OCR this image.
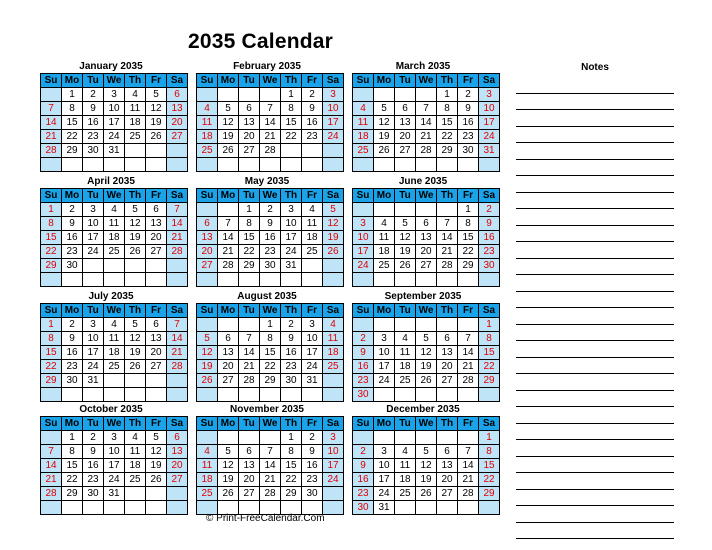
2035 Calendar
January 2035
Su	Mo	Tu	We	Th	Fr	Sa
	1	2	3	4	5	6
7	8	9	10	11	12	13
14	15	16	17	18	19	20
21	22	23	24	25	26	27
28	29	30	31			

February 2035
Su	Mo	Tu	We	Th	Fr	Sa
				1	2	3
4	5	6	7	8	9	10
11	12	13	14	15	16	17
18	19	20	21	22	23	24
25	26	27	28			

March 2035
Su	Mo	Tu	We	Th	Fr	Sa
				1	2	3
4	5	6	7	8	9	10
11	12	13	14	15	16	17
18	19	20	21	22	23	24
25	26	27	28	29	30	31

April 2035
Su	Mo	Tu	We	Th	Fr	Sa
1	2	3	4	5	6	7
8	9	10	11	12	13	14
15	16	17	18	19	20	21
22	23	24	25	26	27	28
29	30					

May 2035
Su	Mo	Tu	We	Th	Fr	Sa
		1	2	3	4	5
6	7	8	9	10	11	12
13	14	15	16	17	18	19
20	21	22	23	24	25	26
27	28	29	30	31		

June 2035
Su	Mo	Tu	We	Th	Fr	Sa
					1	2
3	4	5	6	7	8	9
10	11	12	13	14	15	16
17	18	19	20	21	22	23
24	25	26	27	28	29	30

July 2035
Su	Mo	Tu	We	Th	Fr	Sa
1	2	3	4	5	6	7
8	9	10	11	12	13	14
15	16	17	18	19	20	21
22	23	24	25	26	27	28
29	30	31				

August 2035
Su	Mo	Tu	We	Th	Fr	Sa
			1	2	3	4
5	6	7	8	9	10	11
12	13	14	15	16	17	18
19	20	21	22	23	24	25
26	27	28	29	30	31	

September 2035
Su	Mo	Tu	We	Th	Fr	Sa
						1
2	3	4	5	6	7	8
9	10	11	12	13	14	15
16	17	18	19	20	21	22
23	24	25	26	27	28	29
30						
October 2035
Su	Mo	Tu	We	Th	Fr	Sa
	1	2	3	4	5	6
7	8	9	10	11	12	13
14	15	16	17	18	19	20
21	22	23	24	25	26	27
28	29	30	31			

November 2035
Su	Mo	Tu	We	Th	Fr	Sa
				1	2	3
4	5	6	7	8	9	10
11	12	13	14	15	16	17
18	19	20	21	22	23	24
25	26	27	28	29	30	

December 2035
Su	Mo	Tu	We	Th	Fr	Sa
						1
2	3	4	5	6	7	8
9	10	11	12	13	14	15
16	17	18	19	20	21	22
23	24	25	26	27	28	29
30	31					
Notes
© Print-FreeCalendar.Com
